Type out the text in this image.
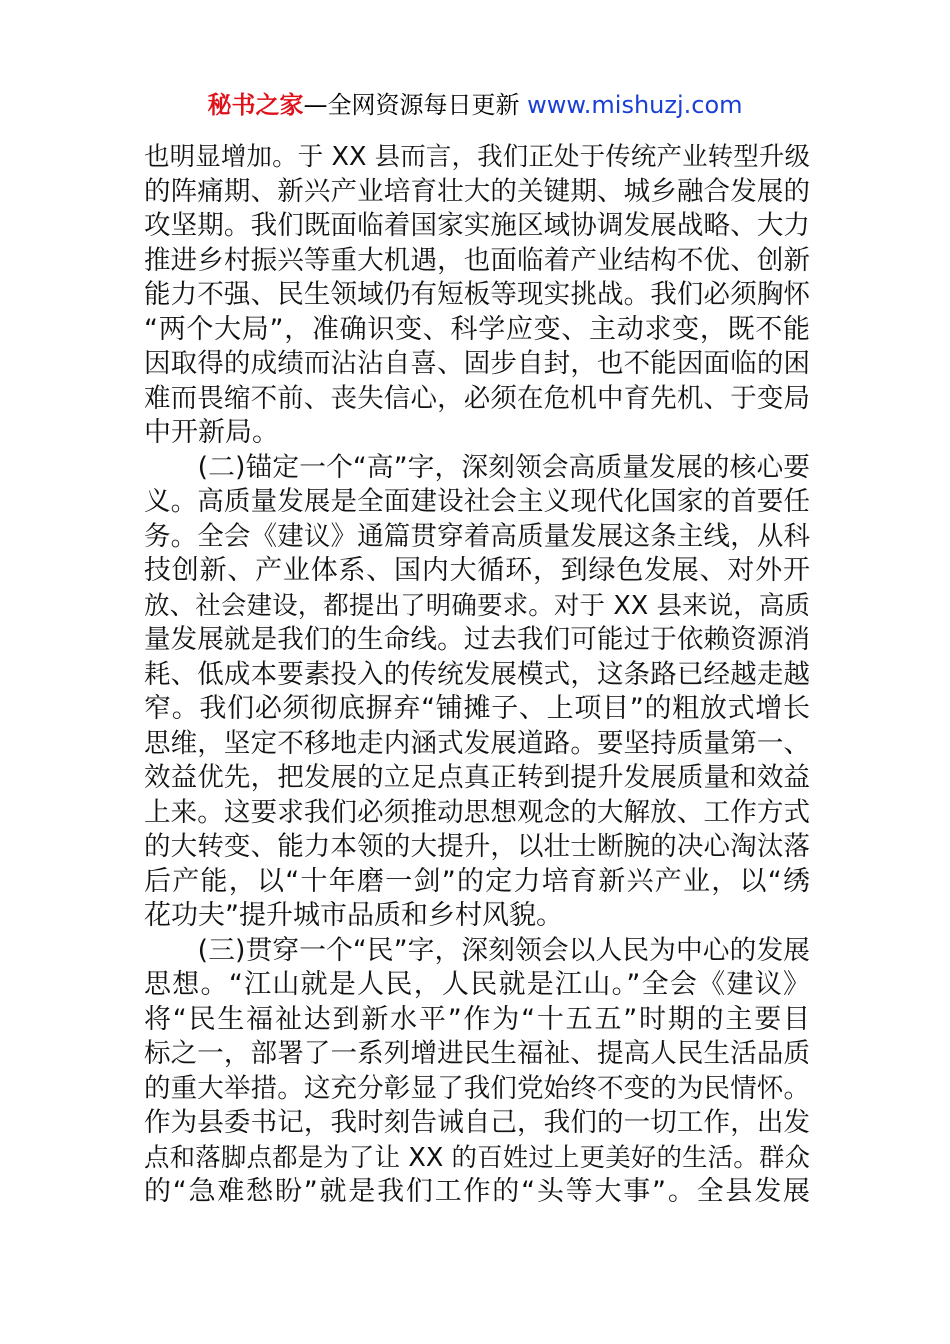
秘书之家—全网资源每日更新 www.mishuzj.com
也明显增加。于 XX 县而言，我们正处于传统产业转型升级
的阵痛期、新兴产业培育壮大的关键期、城乡融合发展的
攻坚期。我们既面临着国家实施区域协调发展战略、大力
推进乡村振兴等重大机遇，也面临着产业结构不优、创新
能力不强、民生领域仍有短板等现实挑战。我们必须胸怀
“两个大局”，准确识变、科学应变、主动求变，既不能
因取得的成绩而沾沾自喜、固步自封，也不能因面临的困
难而畏缩不前、丧失信心，必须在危机中育先机、于变局
中开新局。
　　(二)锚定一个“高”字，深刻领会高质量发展的核心要
义。高质量发展是全面建设社会主义现代化国家的首要任
务。全会《建议》通篇贯穿着高质量发展这条主线，从科
技创新、产业体系、国内大循环，到绿色发展、对外开
放、社会建设，都提出了明确要求。对于 XX 县来说，高质
量发展就是我们的生命线。过去我们可能过于依赖资源消
耗、低成本要素投入的传统发展模式，这条路已经越走越
窄。我们必须彻底摒弃“铺摊子、上项目”的粗放式增长
思维，坚定不移地走内涵式发展道路。要坚持质量第一、
效益优先，把发展的立足点真正转到提升发展质量和效益
上来。这要求我们必须推动思想观念的大解放、工作方式
的大转变、能力本领的大提升，以壮士断腕的决心淘汰落
后产能，以“十年磨一剑”的定力培育新兴产业，以“绣
花功夫”提升城市品质和乡村风貌。
　　(三)贯穿一个“民”字，深刻领会以人民为中心的发展
思想。“江山就是人民，人民就是江山。”全会《建议》
将“民生福祉达到新水平”作为“十五五”时期的主要目
标之一，部署了一系列增进民生福祉、提高人民生活品质
的重大举措。这充分彰显了我们党始终不变的为民情怀。
作为县委书记，我时刻告诫自己，我们的一切工作，出发
点和落脚点都是为了让 XX 的百姓过上更美好的生活。群众
的“急难愁盼”就是我们工作的“头等大事”。全县发展
